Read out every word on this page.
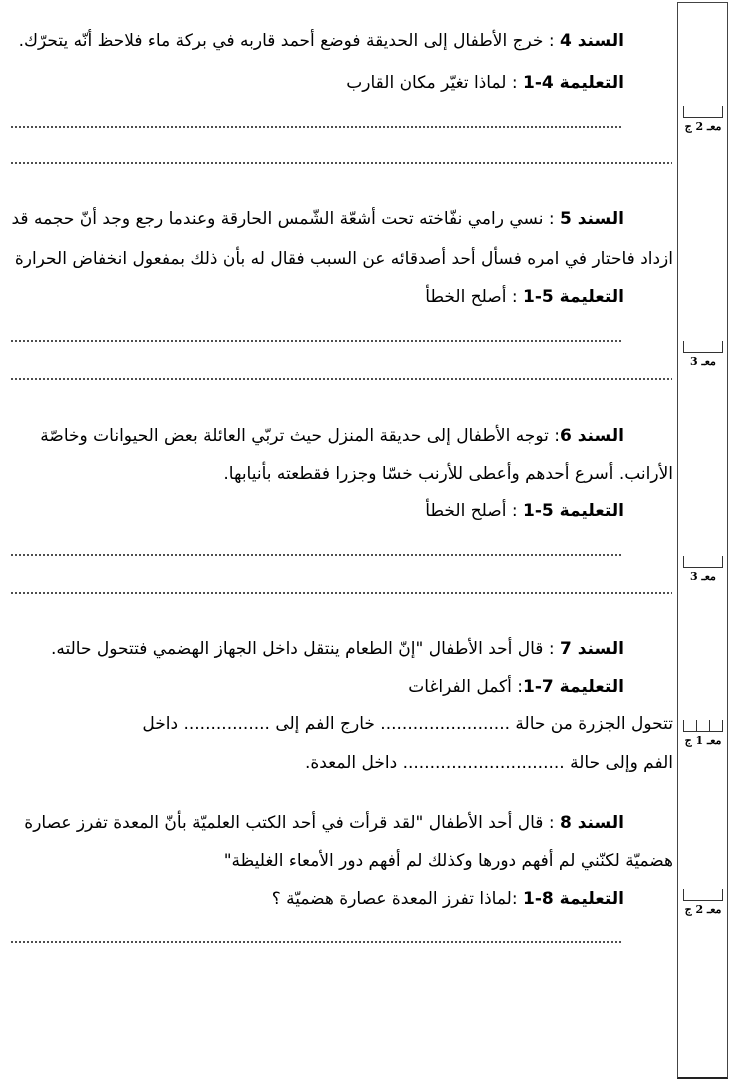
السند 4 : خرج الأطفال إلى الحديقة فوضع أحمد قاربه في بركة ماء فلاحظ أنّه يتحرّك.
التعليمة 4-1 : لماذا تغيّر مكان القارب
معـ 2 ج
السند 5 : نسي رامي نفّاخته تحت أشعّة الشّمس الحارقة وعندما رجع وجد أنّ حجمه قد
ازداد فاحتار في امره فسأل أحد أصدقائه عن السبب فقال له بأن ذلك بمفعول انخفاض الحرارة
التعليمة 5-1 : أصلح الخطأ
معـ 3
السند 6: توجه الأطفال إلى حديقة المنزل حيث تربّي العائلة بعض الحيوانات وخاصّة
الأرانب. أسرع أحدهم وأعطى للأرنب خسّا وجزرا فقطعته بأنيابها.
التعليمة 5-1 : أصلح الخطأ
معـ 3
السند 7 : قال أحد الأطفال "إنّ الطعام ينتقل داخل الجهاز الهضمي فتتحول حالته.
التعليمة 7-1: أكمل الفراغات
تتحول الجزرة من حالة ........................ خارج الفم إلى ................ داخل
الفم وإلى حالة .............................. داخل المعدة.
معـ 1 ج
السند 8 : قال أحد الأطفال "لقد قرأت في أحد الكتب العلميّة بأنّ المعدة تفرز عصارة
هضميّة لكنّني لم أفهم دورها وكذلك لم أفهم دور الأمعاء الغليظة"
التعليمة 8-1 :لماذا تفرز المعدة عصارة هضميّة ؟
معـ 2 ج
